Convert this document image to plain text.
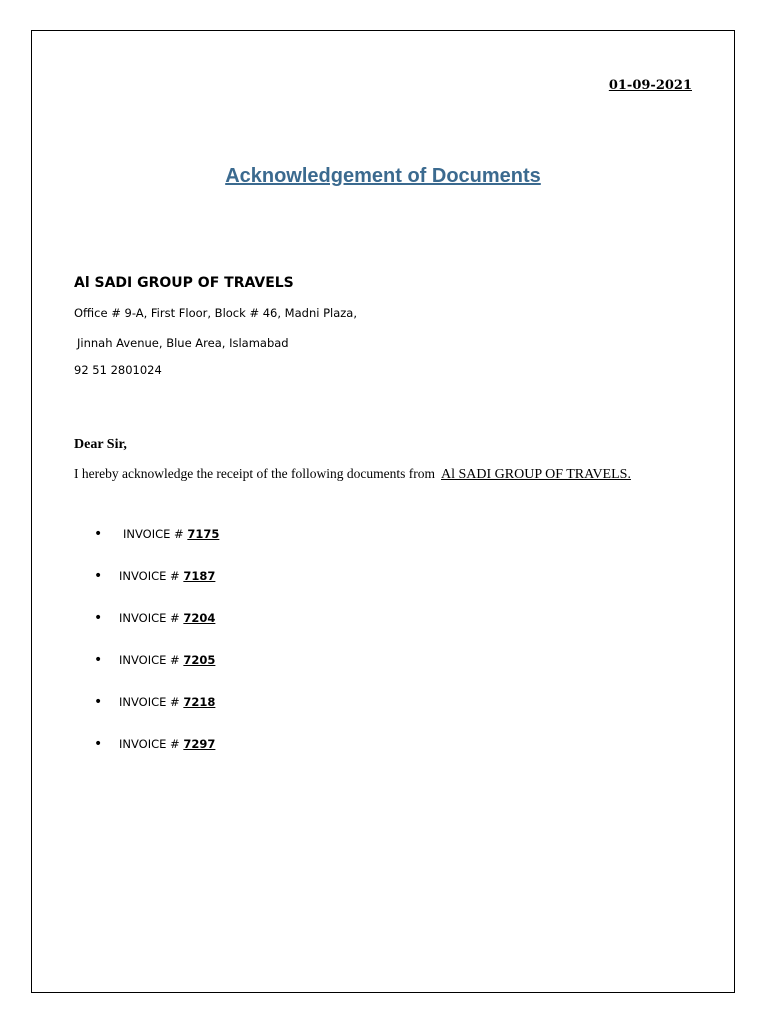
01-09-2021
Acknowledgement of Documents
Al SADI GROUP OF TRAVELS
Office # 9-A, First Floor, Block # 46, Madni Plaza,
Jinnah Avenue, Blue Area, Islamabad
92 51 2801024
Dear Sir,
I hereby acknowledge the receipt of the following documents from Al SADI GROUP OF TRAVELS.
• INVOICE # 7175
• INVOICE # 7187
• INVOICE # 7204
• INVOICE # 7205
• INVOICE # 7218
• INVOICE # 7297
